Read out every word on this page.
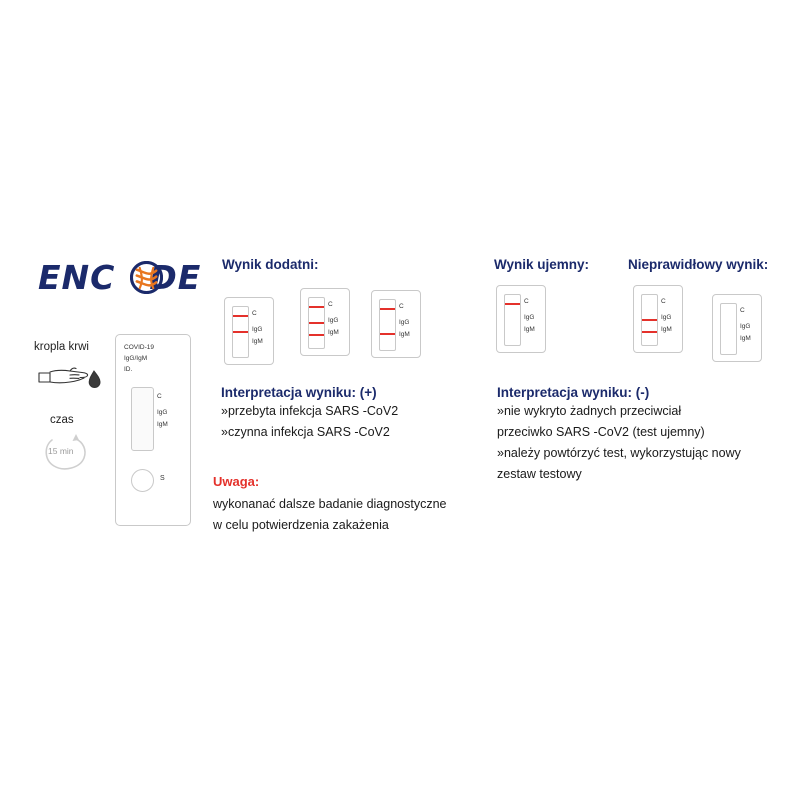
ENC DE
kropla krwi
czas
15 min
COVID-19
IgG/IgM
ID.
C
IgG
IgM
S
Wynik dodatni:	Wynik ujemny:	Nieprawidłowy wynik:
C
IgG
IgM
C
IgG
IgM
C
IgG
IgM
C
IgG
IgM
C
IgG
IgM
C
IgG
IgM
Interpretacja wyniku: (+)
»przebyta infekcja SARS -CoV2
»czynna infekcja SARS -CoV2
Uwaga:
wykonanać dalsze badanie diagnostyczne
w celu potwierdzenia zakażenia
Interpretacja wyniku: (-)
»nie wykryto żadnych przeciwciał
przeciwko SARS -CoV2 (test ujemny)
»należy powtórzyć test, wykorzystując nowy
zestaw testowy
